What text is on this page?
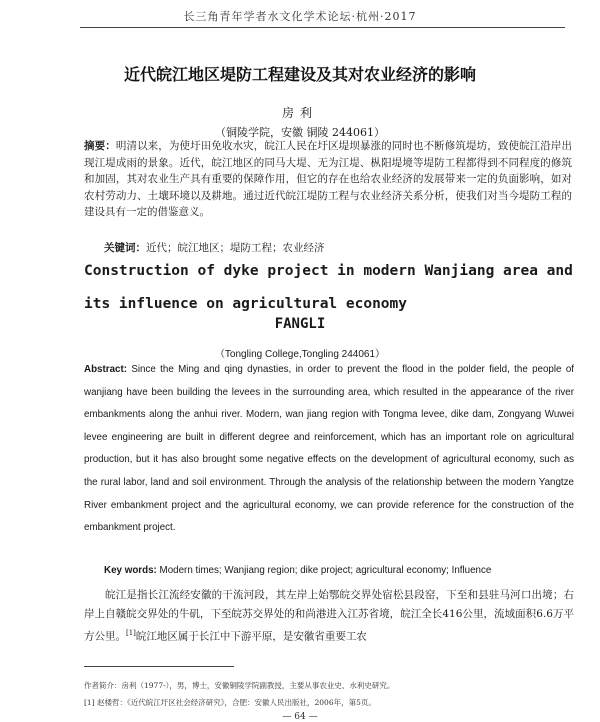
长三角青年学者水文化学术论坛·杭州·2017
近代皖江地区堤防工程建设及其对农业经济的影响
房利
（铜陵学院，安徽 铜陵 244061）

摘要：明清以来，为使圩田免收水灾，皖江人民在圩区堤坝暴涨的同时也不断修筑堤坊，致使皖江沿岸出现江堤成雨的景象。近代，皖江地区的同马大堤、无为江堤、枞阳堤境等堤防工程都得到不同程度的修筑和加固，其对农业生产具有重要的保障作用，但它的存在也给农业经济的发展带来一定的负面影响，如对农村劳动力、土壤环境以及耕地。通过近代皖江堤防工程与农业经济关系分析，使我们对当今堤防工程的建设具有一定的借鉴意义。

关键词：近代；皖江地区；堤防工程；农业经济

Construction of dyke project in modern Wanjiang area and its influence on agricultural economy

FANGLI
（Tongling College,Tongling 244061）

Abstract: Since the Ming and qing dynasties, in order to prevent the flood in the polder field, the people of wanjiang have been building the levees in the surrounding area, which resulted in the appearance of the river embankments along the anhui river. Modern, wan jiang region with Tongma levee, dike dam, Zongyang Wuwei levee engineering are built in different degree and reinforcement, which has an important role on agricultural production, but it has also brought some negative effects on the development of agricultural economy, such as the rural labor, land and soil environment. Through the analysis of the relationship between the modern Yangtze River embankment project and the agricultural economy, we can provide reference for the construction of the embankment project.

Key words: Modern times; Wanjiang region; dike project; agricultural economy; Influence

皖江是指长江流经安徽的干流河段，其左岸上始鄂皖交界处宿松县段窑，下至和县驻马河口出境；右岸上自赣皖交界处的牛矶，下至皖苏交界处的和尚港进入江苏省境，皖江全长416公里，流域面积6.6万平方公里。[1]皖江地区属于长江中下游平原，是安徽省重要工农

作者简介：房利（1977-），男，博士，安徽铜陵学院副教授，主要从事农业史、水利史研究。
[1] 赵楼哲：《近代皖江圩区社会经济研究》，合肥：安徽人民出版社，2006年，第5页。
— 64 —
